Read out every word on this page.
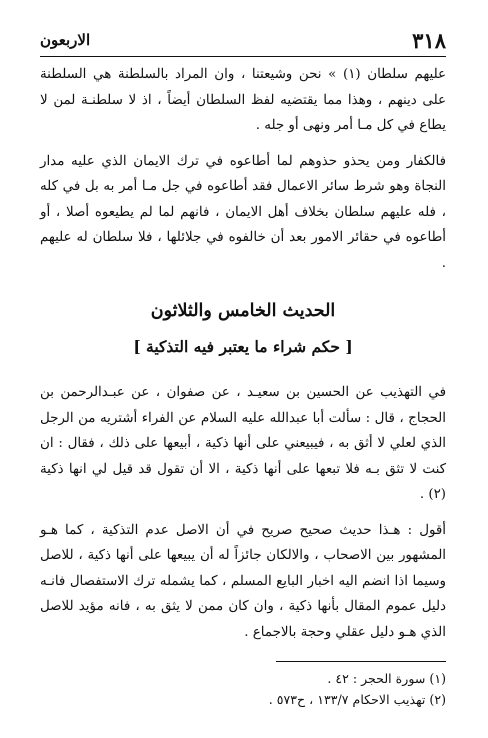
٣١٨
الاربعون

عليهم سلطان (١) » نحن وشيعتنا ، وان المراد بالسلطنة هي السلطنة على دينهم ، وهذا مما يقتضيه لفظ السلطان أيضاً ، اذ لا سلطنـة لمن لا يطاع في كل مـا أمر ونهى أو جله .

فالكفار ومن يحذو حذوهم لما أطاعوه في ترك الايمان الذي عليه مدار النجاة وهو شرط سائر الاعمال فقد أطاعوه في جل مـا أمر به بل في كله ، فله عليهم سلطان بخلاف أهل الايمان ، فانهم لما لم يطيعوه أصلا ، أو أطاعوه في حقائر الامور بعد أن خالفوه في جلائلها ، فلا سلطان له عليهم .

الحديث الخامس والثلاثون
[ حكم شراء ما يعتبر فيه التذكية ]

في التهذيب عن الحسين بن سعيـد ، عن صفوان ، عن عبـدالرحمن بن الحجاج ، قال : سألت أبا عبدالله عليه السلام عن الفراء أشتريه من الرجل الذي لعلي لا أثق به ، فيبيعني على أنها ذكية ، أبيعها على ذلك ، فقال : ان كنت لا تثق بـه فلا تبعها على أنها ذكية ، الا أن تقول قد قيل لي انها ذكية (٢) .

أقول : هـذا حديث صحيح صريح في أن الاصل عدم التذكية ، كما هـو المشهور بين الاصحاب ، والالكان جائزاً له أن يبيعها على أنها ذكية ، للاصل وسيما اذا انضم اليه اخبار البايع المسلم ، كما يشمله ترك الاستفصال فانـه دليل عموم المقال بأنها ذكية ، وان كان ممن لا يثق به ، فانه مؤيد للاصل الذي هـو دليل عقلي وحجة بالاجماع .

(١) سورة الحجر : ٤٢ .
(٢) تهذيب الاحكام ١٣٣/٧ ، ح٥٧٣ .
